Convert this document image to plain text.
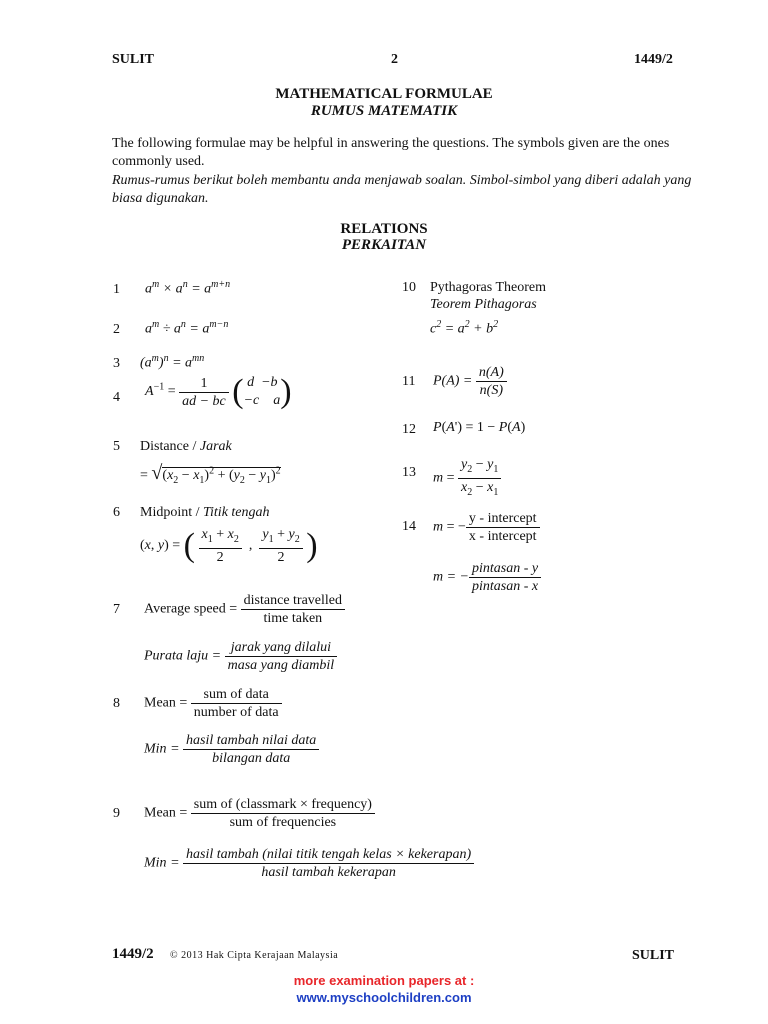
SULIT	2	1449/2
MATHEMATICAL FORMULAE
RUMUS MATEMATIK
The following formulae may be helpful in answering the questions. The symbols given are the ones commonly used.
Rumus-rumus berikut boleh membantu anda menjawab soalan. Simbol-simbol yang diberi adalah yang biasa digunakan.
RELATIONS
PERKAITAN
1 $a^m \times a^n = a^{m+n}$
2 $a^m \div a^n = a^{m-n}$
3 $(a^m)^n = a^{mn}$
4 $A^{-1} = \frac{1}{ad - bc}$ ( d  −b
−c    a )
5 Distance / Jarak
= $√(x_2 - x_1)^2 + (y_2 - y_1)^2$
6 Midpoint / Titik tengah
(x, y) = ( $\frac{x_1 + x_2}{2}$ , $\frac{y_1 + y_2}{2}$ )
7 Average speed = $\frac{\text{distance travelled}}{\text{time taken}}$
Purata laju = $\frac{\text{jarak yang dilalui}}{\text{masa yang diambil}}$
8 Mean = $\frac{\text{sum of data}}{\text{number of data}}$
Min = $\frac{\text{hasil tambah nilai data}}{\text{bilangan data}}$
9 Mean = $\frac{\text{sum of (classmark × frequency)}}{\text{sum of frequencies}}$
Min = $\frac{\text{hasil tambah (nilai titik tengah kelas × kekerapan)}}{\text{hasil tambah kekerapan}}$
10 Pythagoras Theorem
Teorem Pithagoras
$c^2 = a^2 + b^2$
11 $P(A) = \frac{n(A)}{n(S)}$
12 P(A') = 1 − P(A)
13 $m = \frac{y_2 - y_1}{x_2 - x_1}$
14 m = − $\frac{\text{y - intercept}}{\text{x - intercept}}$
m = − $\frac{\text{pintasan - y}}{\text{pintasan - x}}$
1449/2 © 2013 Hak Cipta Kerajaan Malaysia	SULIT
more examination papers at :
www.myschoolchildren.com
